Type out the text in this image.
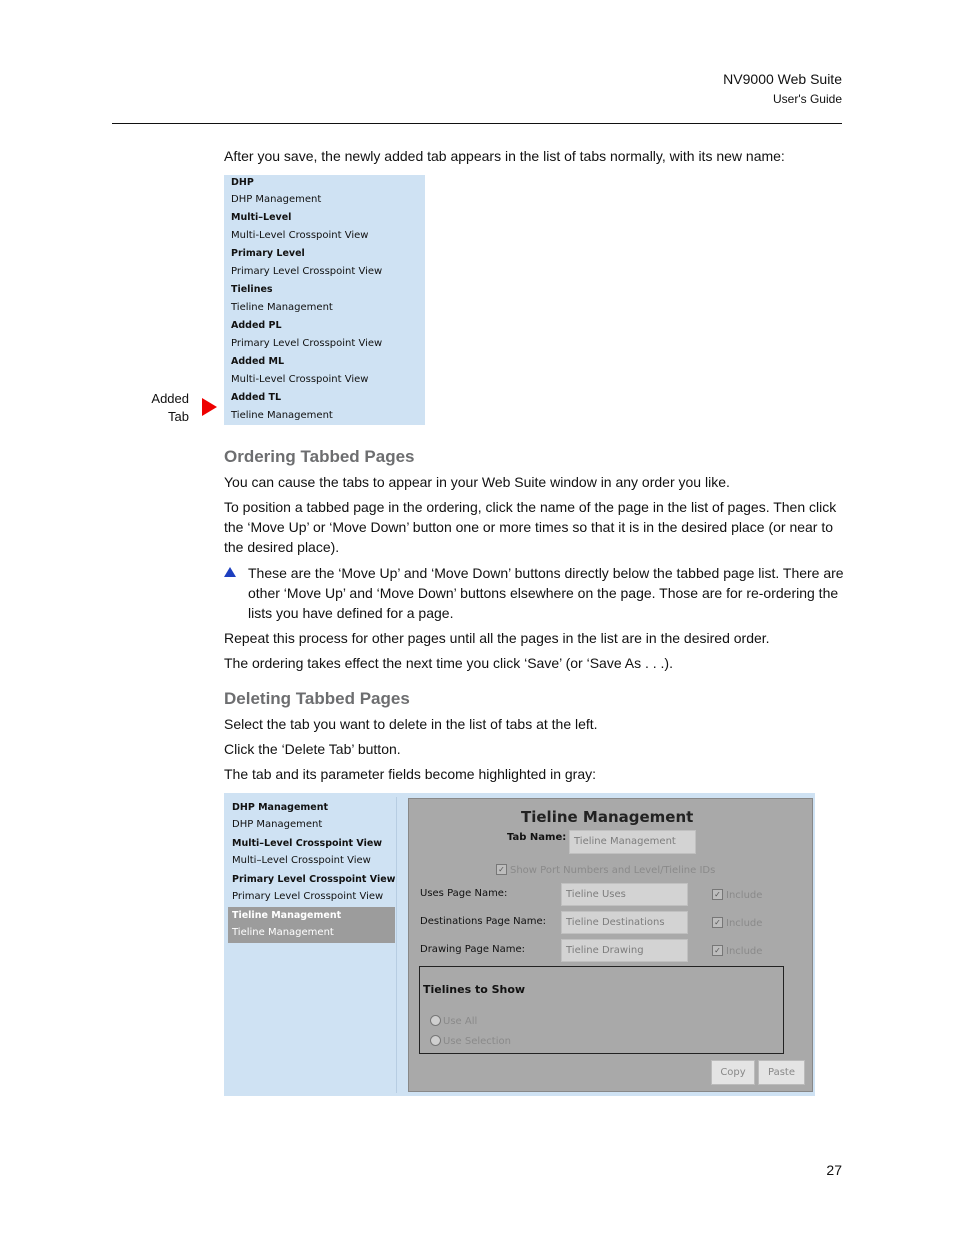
NV9000 Web Suite
User's Guide
After you save, the newly added tab appears in the list of tabs normally, with its new name:
DHP
DHP Management
Multi–Level
Multi-Level Crosspoint View
Primary Level
Primary Level Crosspoint View
Tielines
Tieline Management
Added PL
Primary Level Crosspoint View
Added ML
Multi-Level Crosspoint View
Added TL
Tieline Management
Added
Tab
Ordering Tabbed Pages
You can cause the tabs to appear in your Web Suite window in any order you like.
To position a tabbed page in the ordering, click the name of the page in the list of pages. Then click the ‘Move Up’ or ‘Move Down’ button one or more times so that it is in the desired place (or near to the desired place).
These are the ‘Move Up’ and ‘Move Down’ buttons directly below the tabbed page list. There are other ‘Move Up’ and ‘Move Down’ buttons elsewhere on the page. Those are for re-ordering the lists you have defined for a page.
Repeat this process for other pages until all the pages in the list are in the desired order.
The ordering takes effect the next time you click ‘Save’ (or ‘Save As . . .).
Deleting Tabbed Pages
Select the tab you want to delete in the list of tabs at the left.
Click the ‘Delete Tab’ button.
The tab and its parameter fields become highlighted in gray:
DHP Management
DHP Management
Multi–Level Crosspoint View
Multi–Level Crosspoint View
Primary Level Crosspoint View
Primary Level Crosspoint View
Tieline Management
Tieline Management
Tieline Management
Tab Name: Tieline Management
✓ Show Port Numbers and Level/Tieline IDs
Uses Page Name:	Tieline Uses	✓ Include
Destinations Page Name:	Tieline Destinations	✓ Include
Drawing Page Name:	Tieline Drawing	✓ Include
Tielines to Show
Use All
Use Selection
Copy	Paste
27
